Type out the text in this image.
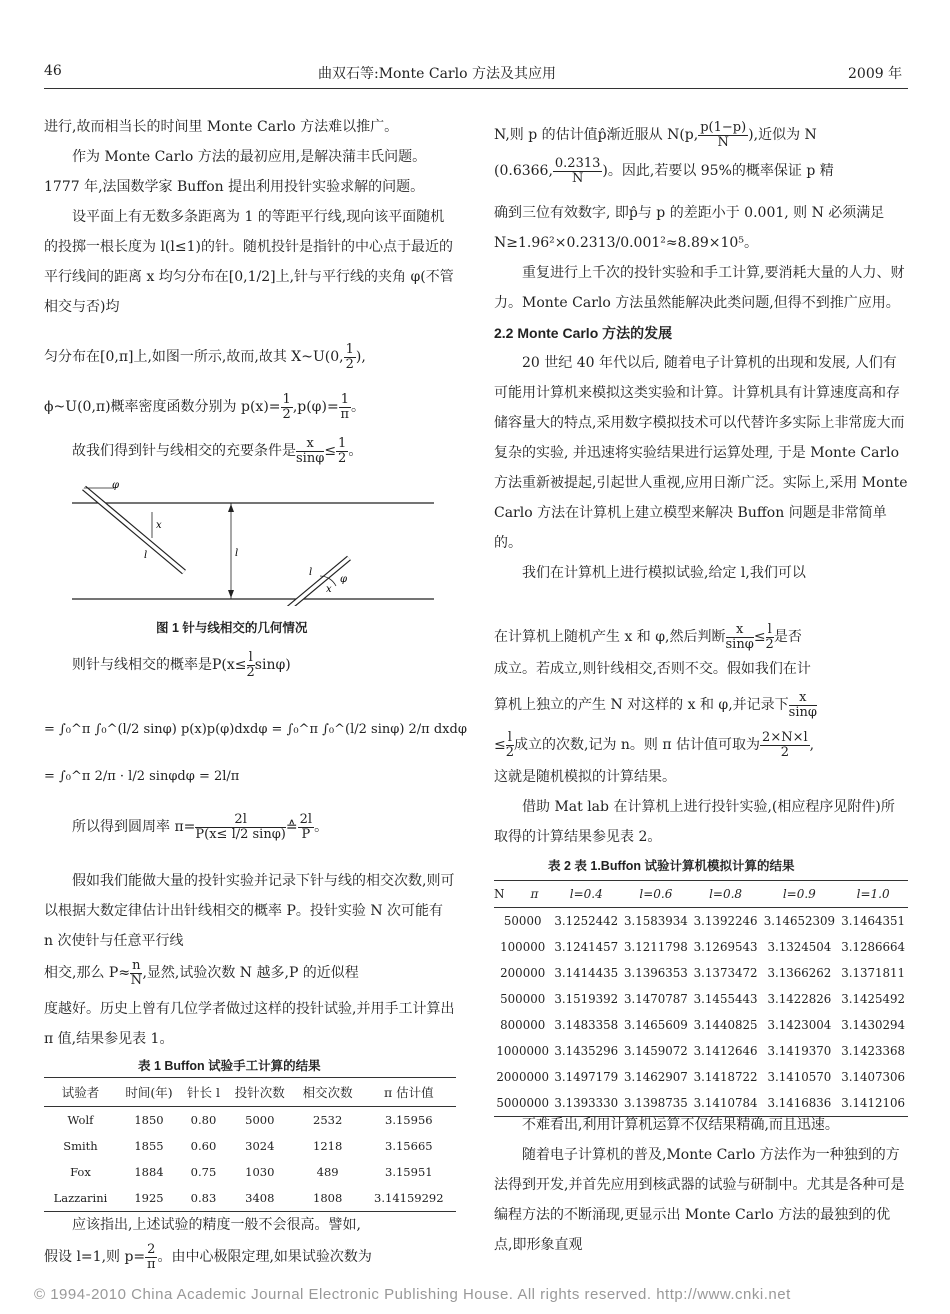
46	曲双石等:Monte Carlo 方法及其应用	2009 年

进行,故而相当长的时间里 Monte Carlo 方法难以推广。

作为 Monte Carlo 方法的最初应用,是解决蒲丰氏问题。1777 年,法国数学家 Buffon 提出利用投针实验求解的问题。

设平面上有无数多条距离为 1 的等距平行线,现向该平面随机的投掷一根长度为 l(l≤1)的针。随机投针是指针的中心点于最近的平行线间的距离 x 均匀分布在[0,1/2]上,针与平行线的夹角 φ(不管相交与否)均

匀分布在[0,π]上,如图一所示,故而,故其 X~U(0, $\frac{1}{2}$ ),
ϕ~U(0,π)概率密度函数分别为 $p(x)= \frac{1}{2} ,p(\varphi)= \frac{1}{\pi}$ 。
故我们得到针与线相交的充要条件是 $\frac{x}{\sin\varphi} \le \frac{1}{2}$ 。
φ
x
l	l
l
x
φ
图 1 针与线相交的几何情况
则针与线相交的概率是$P(x\le \frac{l}{2} \sin\varphi)$
= ∫₀^π ∫₀^(l/2 sinφ) p(x)p(φ)dxdφ = ∫₀^π ∫₀^(l/2 sinφ) 2/π dxdφ
= ∫₀^π 2/π · l/2 sinφdφ = 2l/π
所以得到圆周率 $\pi= \frac{2l}{P(x\le l/2 \sin\varphi)}$ ≙ $\frac{2l}{P}$ 。

假如我们能做大量的投针实验并记录下针与线的相交次数,则可以根据大数定律估计出针线相交的概率 P。投针实验 N 次可能有 n 次使针与任意平行线

相交,那么 $P\approx \frac{n}{N}$ ,显然,试验次数 N 越多,P 的近似程

度越好。历史上曾有几位学者做过这样的投针试验,并用手工计算出 π 值,结果参见表 1。

表 1 Buffon 试验手工计算的结果
试验者	时间(年)	针长 l	投针次数	相交次数	π 估计值
Wolf	1850	0.80	5000	2532	3.15956
Smith	1855	0.60	3024	1218	3.15665
Fox	1884	0.75	1030	489	3.15951
Lazzarini	1925	0.83	3408	1808	3.14159292

应该指出,上述试验的精度一般不会很高。譬如,

假设 l=1,则 $p= \frac{2}{\pi}$ 。由中心极限定理,如果试验次数为
N,则 p 的估计值p̂渐近服从 N(p, $\frac{p(1-p)}{N}$ ),近似为 N
(0.6366, $\frac{0.2313}{N}$ )。因此,若要以 95%的概率保证 p 精

确到三位有效数字, 即p̂与 p 的差距小于 0.001, 则 N 必须满足 N≥1.96²×0.2313/0.001²≈8.89×10⁵。

重复进行上千次的投针实验和手工计算,要消耗大量的人力、财力。Monte Carlo 方法虽然能解决此类问题,但得不到推广应用。

2.2 Monte Carlo 方法的发展

20 世纪 40 年代以后, 随着电子计算机的出现和发展, 人们有可能用计算机来模拟这类实验和计算。计算机具有计算速度高和存储容量大的特点,采用数字模拟技术可以代替许多实际上非常庞大而复杂的实验, 并迅速将实验结果进行运算处理, 于是 Monte Carlo 方法重新被提起,引起世人重视,应用日渐广泛。实际上,采用 Monte Carlo 方法在计算机上建立模型来解决 Buffon 问题是非常简单的。

我们在计算机上进行模拟试验,给定 l,我们可以

在计算机上随机产生 x 和 φ,然后判断 $\frac{x}{\sin\varphi} \le \frac{l}{2}$ 是否
成立。若成立,则针线相交,否则不交。假如我们在计
算机上独立的产生 N 对这样的 x 和 φ,并记录下 $\frac{x}{\sin\varphi}$
≤ $\frac{l}{2}$ 成立的次数,记为 n。则 π 估计值可取为 $\frac{2\times N\times l}{2}$ ,

这就是随机模拟的计算结果。

借助 Mat lab 在计算机上进行投针实验,(相应程序见附件)所取得的计算结果参见表 2。

表 2 表 1.Buffon 试验计算机模拟计算的结果
N π	l=0.4	l=0.6	l=0.8	l=0.9	l=1.0
50000	3.1252442	3.1583934	3.1392246	3.14652309	3.1464351
100000	3.1241457	3.1211798	3.1269543	3.1324504	3.1286664
200000	3.1414435	3.1396353	3.1373472	3.1366262	3.1371811
500000	3.1519392	3.1470787	3.1455443	3.1422826	3.1425492
800000	3.1483358	3.1465609	3.1440825	3.1423004	3.1430294
1000000	3.1435296	3.1459072	3.1412646	3.1419370	3.1423368
2000000	3.1497179	3.1462907	3.1418722	3.1410570	3.1407306
5000000	3.1393330	3.1398735	3.1410784	3.1416836	3.1412106

不难看出,利用计算机运算不仅结果精确,而且迅速。

随着电子计算机的普及,Monte Carlo 方法作为一种独到的方法得到开发,并首先应用到核武器的试验与研制中。尤其是各种可是编程方法的不断涌现,更显示出 Monte Carlo 方法的最独到的优点,即形象直观

© 1994-2010 China Academic Journal Electronic Publishing House. All rights reserved. http://www.cnki.net
